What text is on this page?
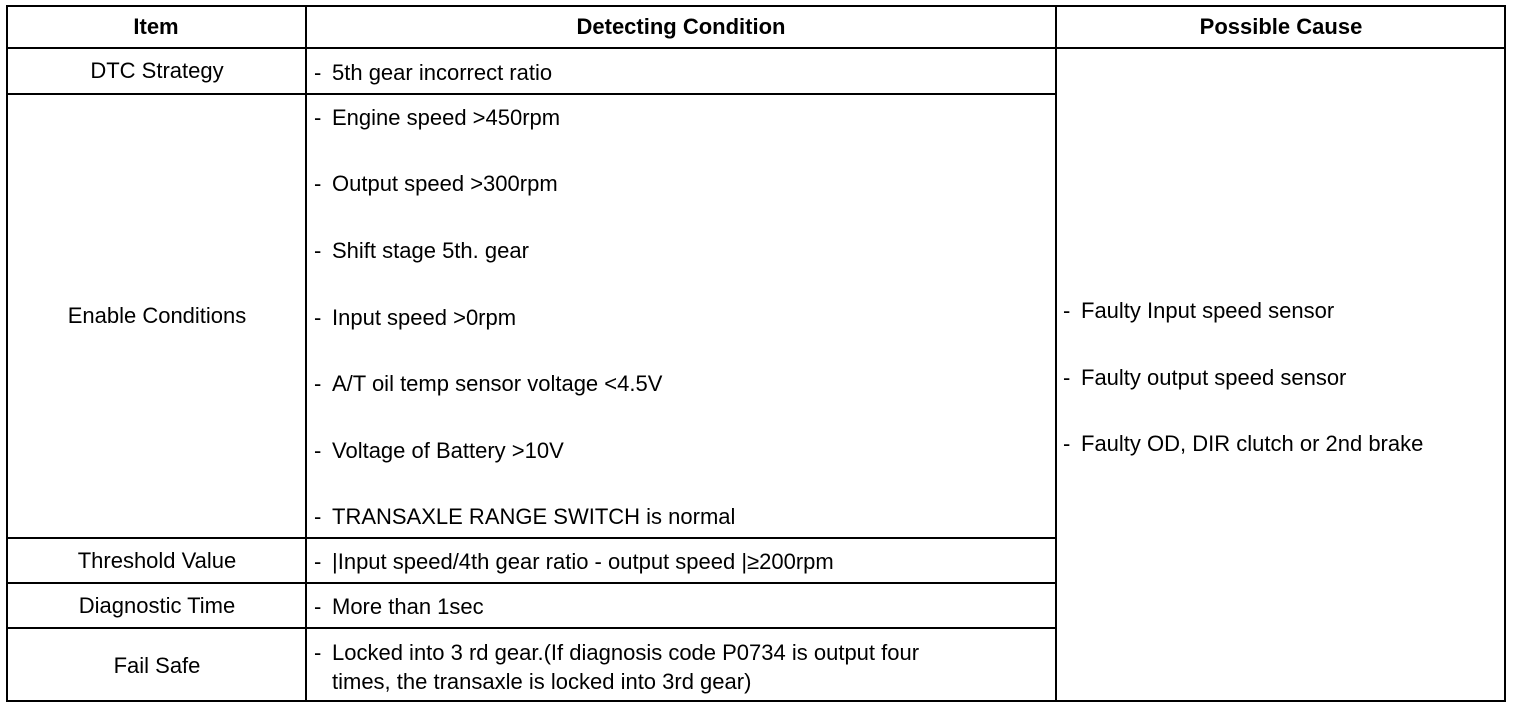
Item	Detecting Condition	Possible Cause
DTC Strategy
Enable Conditions
Threshold Value
Diagnostic Time
Fail Safe
- 5th gear incorrect ratio
- Engine speed >450rpm
- Output speed >300rpm
- Shift stage 5th. gear
- Input speed >0rpm
- A/T oil temp sensor voltage <4.5V
- Voltage of Battery >10V
- TRANSAXLE RANGE SWITCH is normal
- |Input speed/4th gear ratio - output speed |≥200rpm
- More than 1sec
- Locked into 3 rd gear.(If diagnosis code P0734 is output four
times, the transaxle is locked into 3rd gear)
- Faulty Input speed sensor
- Faulty output speed sensor
- Faulty OD, DIR clutch or 2nd brake
